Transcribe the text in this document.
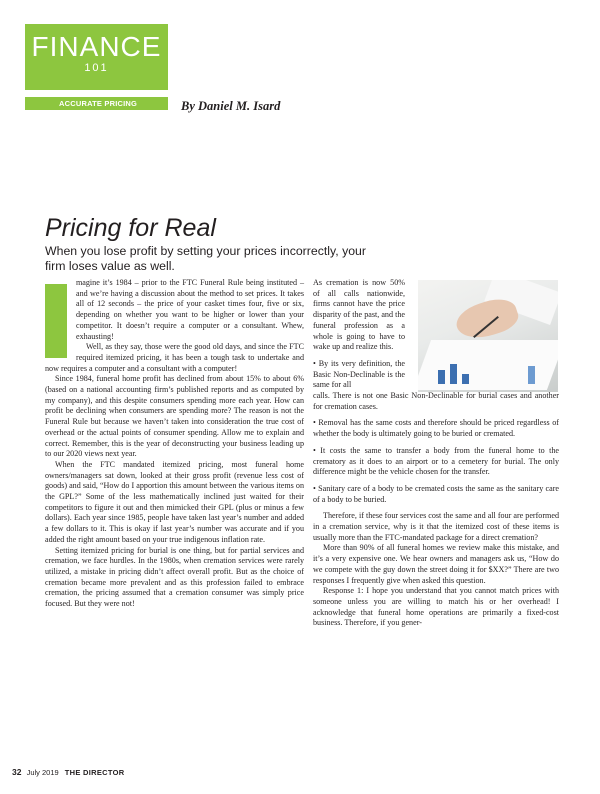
FINANCE
101
ACCURATE PRICING	By Daniel M. Isard
Pricing for Real

When you lose profit by setting your prices incorrectly, your firm loses value as well.

magine it’s 1984 – prior to the FTC Funeral Rule being instituted – and we’re having a discussion about the method to set prices. It takes all of 12 seconds – the price of your casket times four, five or six, depending on whether you want to be higher or lower than your competitor. It doesn’t require a computer or a consultant. Whew, exhausting!

Well, as they say, those were the good old days, and since the FTC required itemized pricing, it has been a tough task to undertake and now requires a computer and a consultant with a computer!

Since 1984, funeral home profit has declined from about 15% to about 6% (based on a national accounting firm’s published reports and as computed by my company), and this despite consumers spending more each year. How can profit be declining when consumers are spending more? The reason is not the Funeral Rule but because we haven’t taken into consideration the true cost of overhead or the actual points of consumer spending. Allow me to explain and correct. Remember, this is the year of deconstructing your business leading up to our 2020 views next year.

When the FTC mandated itemized pricing, most funeral home owners/managers sat down, looked at their gross profit (revenue less cost of goods) and said, “How do I apportion this amount between the various items on the GPL?” Some of the less mathematically inclined just waited for their competitors to figure it out and then mimicked their GPL (plus or minus a few dollars). Each year since 1985, people have taken last year’s number and added a few dollars to it. This is okay if last year’s number was accurate and if you added the right amount based on your true indigenous inflation rate.

Setting itemized pricing for burial is one thing, but for partial services and cremation, we face hurdles. In the 1980s, when cremation services were rarely utilized, a mistake in pricing didn’t affect overall profit. But as the choice of cremation became more prevalent and as this profession failed to embrace cremation, the pricing assumed that a cremation consumer was simply price focused. But they were not!

As cremation is now 50% of all calls nationwide, firms cannot have the price disparity of the past, and the funeral profession as a whole is going to have to wake up and realize this.

• By its very definition, the Basic Non-Declinable is the same for all

calls. There is not one Basic Non-Declinable for burial cases and another for cremation cases.

• Removal has the same costs and therefore should be priced regardless of whether the body is ultimately going to be buried or cremated.

• It costs the same to transfer a body from the funeral home to the crematory as it does to an airport or to a cemetery for burial. The only difference might be the vehicle chosen for the transfer.

• Sanitary care of a body to be cremated costs the same as the sanitary care of a body to be buried.

Therefore, if these four services cost the same and all four are performed in a cremation service, why is it that the itemized cost of these items is usually more than the FTC-mandated package for a direct cremation?

More than 90% of all funeral homes we review make this mistake, and it’s a very expensive one. We hear owners and managers ask us, “How do we compete with the guy down the street doing it for $XX?” There are two responses I frequently give when asked this question.

Response 1: I hope you understand that you cannot match prices with someone unless you are willing to match his or her overhead! I acknowledge that funeral home operations are primarily a fixed-cost business. Therefore, if you gener-

32 July 2019 THE DIRECTOR
